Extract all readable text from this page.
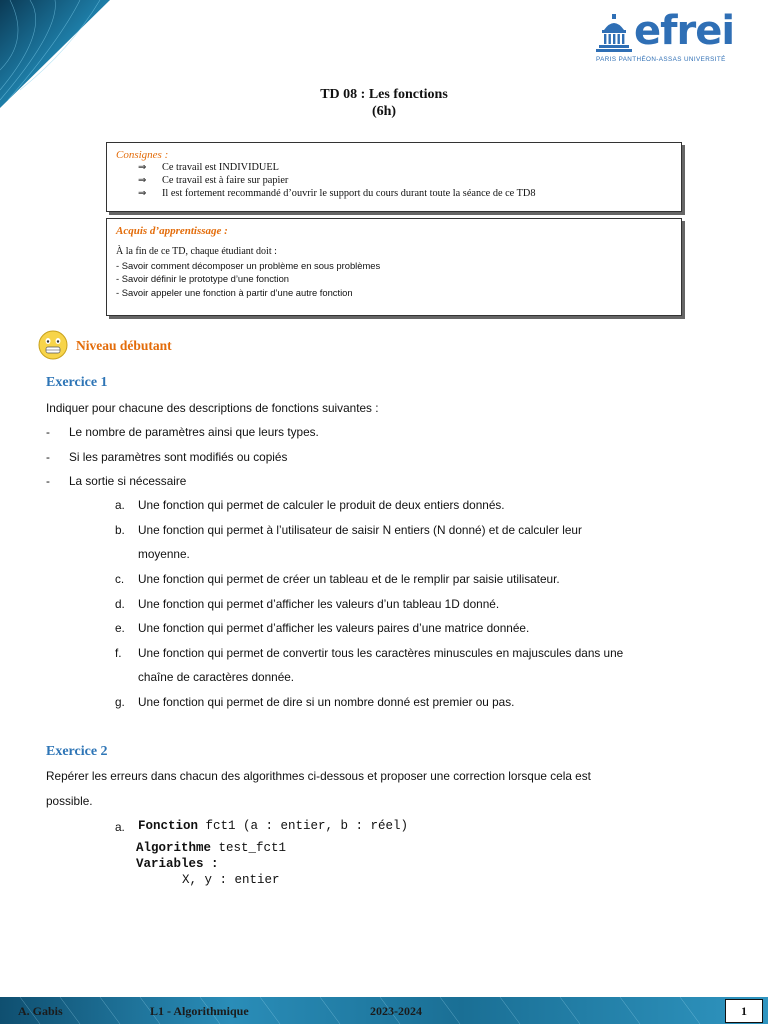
efrei
PARIS PANTHÉON-ASSAS UNIVERSITÉ
TD 08 : Les fonctions
(6h)
Consignes :
⇒ Ce travail est INDIVIDUEL
⇒ Ce travail est à faire sur papier
⇒ Il est fortement recommandé d’ouvrir le support du cours durant toute la séance de ce TD8
Acquis d’apprentissage :
À la fin de ce TD, chaque étudiant doit :
- Savoir comment décomposer un problème en sous problèmes
- Savoir définir le prototype d’une fonction
- Savoir appeler une fonction à partir d’une autre fonction
Niveau débutant
Exercice 1
Indiquer pour chacune des descriptions de fonctions suivantes :
- Le nombre de paramètres ainsi que leurs types.
- Si les paramètres sont modifiés ou copiés
- La sortie si nécessaire
a. Une fonction qui permet de calculer le produit de deux entiers donnés.
b. Une fonction qui permet à l’utilisateur de saisir N entiers (N donné) et de calculer leur
moyenne.
c. Une fonction qui permet de créer un tableau et de le remplir par saisie utilisateur.
d. Une fonction qui permet d’afficher les valeurs d’un tableau 1D donné.
e. Une fonction qui permet d’afficher les valeurs paires d’une matrice donnée.
f. Une fonction qui permet de convertir tous les caractères minuscules en majuscules dans une
chaîne de caractères donnée.
g. Une fonction qui permet de dire si un nombre donné est premier ou pas.
Exercice 2
Repérer les erreurs dans chacun des algorithmes ci-dessous et proposer une correction lorsque cela est
possible.
a. Fonction fct1 (a : entier, b : réel)
Algorithme test_fct1
Variables :
X, y : entier
A. Gabis	L1 - Algorithmique	2023-2024	1
